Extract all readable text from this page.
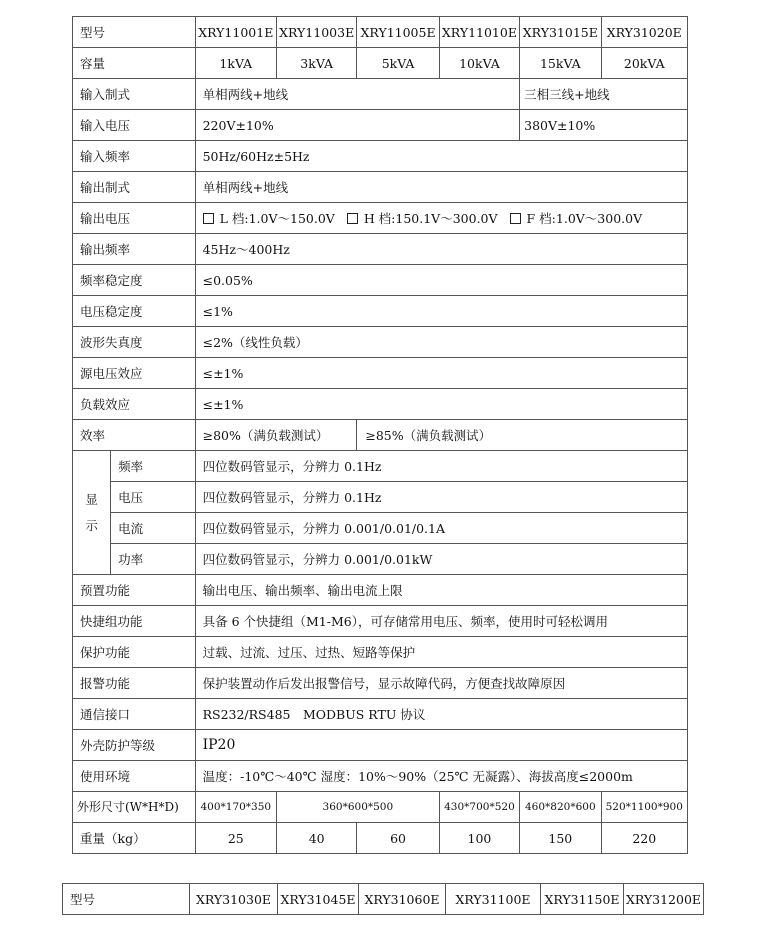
型号		XRY11001E	XRY11003E	XRY11005E	XRY11010E	XRY31015E	XRY31020E
容量		1kVA	3kVA	5kVA	10kVA	15kVA	20kVA
输入制式		单相两线+地线				三相三线+地线	
输入电压		220V±10%				380V±10%	
输入频率		50Hz/60Hz±5Hz					
输出制式		单相两线+地线					
输出电压		L 档:1.0V～150.0V H 档:150.1V～300.0V F 档:1.0V～300.0V					
输出频率		45Hz～400Hz					
频率稳定度		≤0.05%					
电压稳定度		≤1%					
波形失真度		≤2%（线性负载）					
源电压效应		≤±1%					
负载效应		≤±1%					
效率		≥80%（满负载测试）		≥85%（满负载测试）			

显
示	频率	四位数码管显示，分辨力 0.1Hz					
	电压	四位数码管显示，分辨力 0.1Hz					
	电流	四位数码管显示，分辨力 0.001/0.01/0.1A					
	功率	四位数码管显示，分辨力 0.001/0.01kW					
预置功能		输出电压、输出频率、输出电流上限					
快捷组功能		具备 6 个快捷组（M1-M6），可存储常用电压、频率，使用时可轻松调用					
保护功能		过载、过流、过压、过热、短路等保护					
报警功能		保护装置动作后发出报警信号，显示故障代码，方便查找故障原因					
通信接口		RS232/RS485　MODBUS RTU 协议					
外壳防护等级		IP20					
使用环境		温度：-10℃～40℃ 湿度：10%～90%（25℃ 无凝露）、海拔高度≤2000m					
外形尺寸(W*H*D)		400*170*350	360*600*500		430*700*520	460*820*600	520*1100*900
重量（kg）		25	40	60	100	150	220
型号	XRY31030E	XRY31045E	XRY31060E	XRY31100E	XRY31150E	XRY31200E
